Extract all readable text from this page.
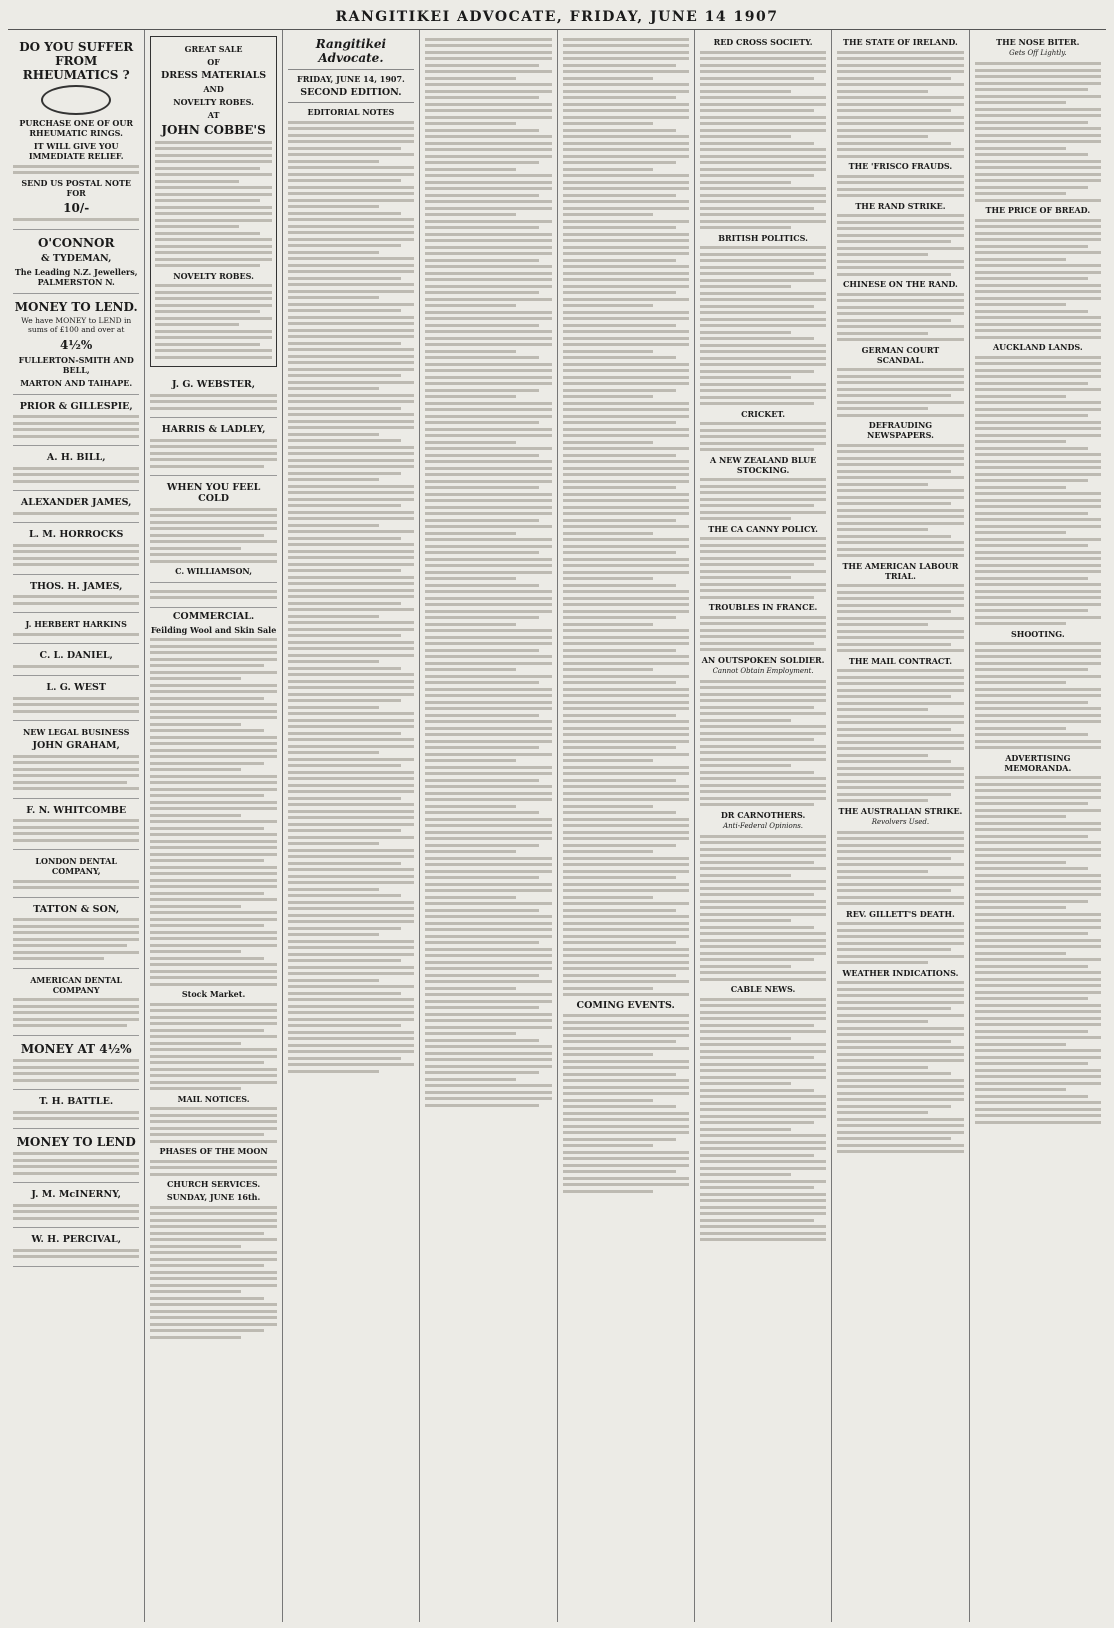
RANGITIKEI ADVOCATE, FRIDAY, JUNE 14 1907
DO YOU SUFFER FROM RHEUMATICS ?
PURCHASE ONE OF OUR RHEUMATIC RINGS.
IT WILL GIVE YOU IMMEDIATE RELIEF.
SEND US POSTAL NOTE FOR
10/-
O'CONNOR
& TYDEMAN,
The Leading N.Z. Jewellers, PALMERSTON N.
MONEY TO LEND.
We have MONEY to LEND in sums of £100 and over at
4½%
FULLERTON-SMITH AND BELL,
MARTON AND TAIHAPE.
PRIOR & GILLESPIE,
A. H. BILL,
ALEXANDER JAMES,
L. M. HORROCKS
THOS. H. JAMES,
J. HERBERT HARKINS
C. L. DANIEL,
L. G. WEST
NEW LEGAL BUSINESS
JOHN GRAHAM,
F. N. WHITCOMBE
LONDON DENTAL COMPANY,
TATTON & SON,
AMERICAN DENTAL COMPANY
MONEY AT 4½%
T. H. BATTLE.
MONEY TO LEND
J. M. McINERNY,
W. H. PERCIVAL,
GREAT SALE
OF
DRESS MATERIALS
AND
NOVELTY ROBES.
AT
JOHN COBBE'S
NOVELTY ROBES.
J. G. WEBSTER,
HARRIS & LADLEY,
WHEN YOU FEEL COLD
C. WILLIAMSON,
COMMERCIAL.
Feilding Wool and Skin Sale
Stock Market.
MAIL NOTICES.
PHASES OF THE MOON
CHURCH SERVICES.
SUNDAY, JUNE 16th.
Rangitikei Advocate.
FRIDAY, JUNE 14, 1907.
SECOND EDITION.
EDITORIAL NOTES
COMING EVENTS.
RED CROSS SOCIETY.
BRITISH POLITICS.
CRICKET.
A NEW ZEALAND BLUE STOCKING.
THE CA CANNY POLICY.
TROUBLES IN FRANCE.
AN OUTSPOKEN SOLDIER.
Cannot Obtain Employment.
DR CARNOTHERS.
Anti-Federal Opinions.
CABLE NEWS.
THE STATE OF IRELAND.
THE 'FRISCO FRAUDS.
THE RAND STRIKE.
CHINESE ON THE RAND.
GERMAN COURT SCANDAL.
DEFRAUDING NEWSPAPERS.
THE AMERICAN LABOUR TRIAL.
THE MAIL CONTRACT.
THE AUSTRALIAN STRIKE.
Revolvers Used.
REV. GILLETT'S DEATH.
WEATHER INDICATIONS.
THE NOSE BITER.
Gets Off Lightly.
THE PRICE OF BREAD.
AUCKLAND LANDS.
SHOOTING.
ADVERTISING MEMORANDA.
